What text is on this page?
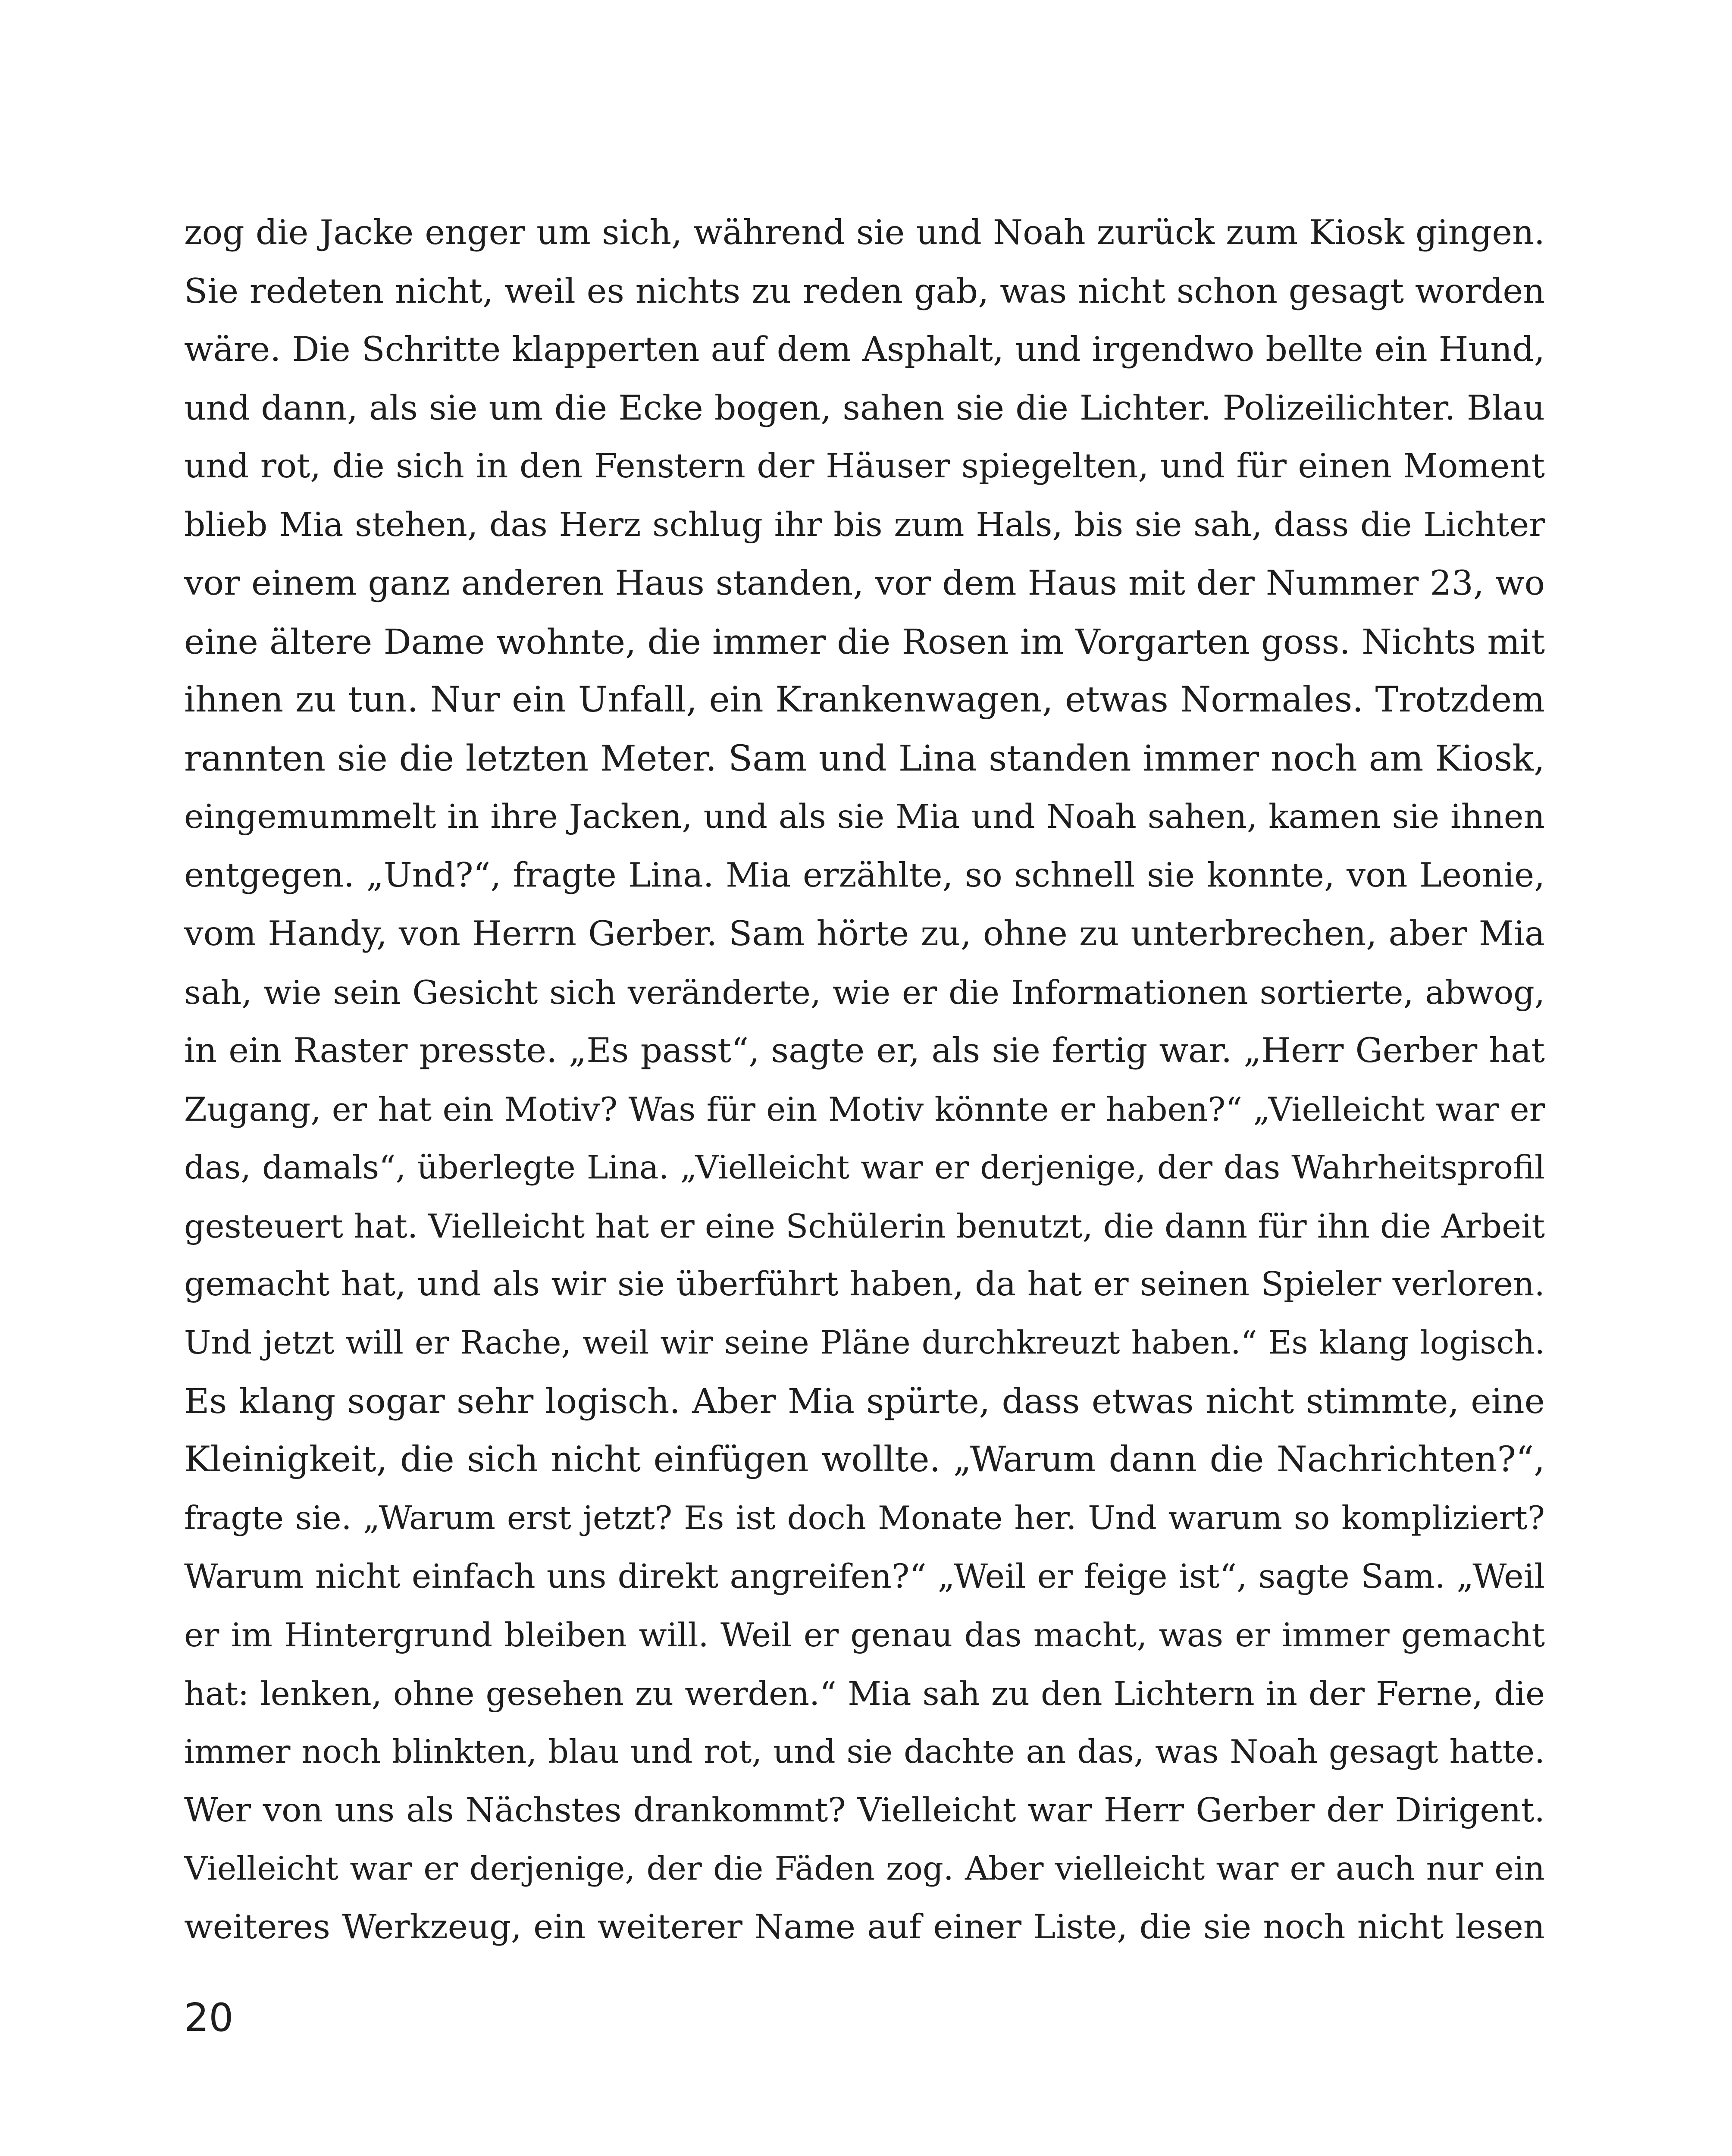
zog die Jacke enger um sich, während sie und Noah zurück zum Kiosk gingen.
Sie redeten nicht, weil es nichts zu reden gab, was nicht schon gesagt worden
wäre. Die Schritte klapperten auf dem Asphalt, und irgendwo bellte ein Hund,
und dann, als sie um die Ecke bogen, sahen sie die Lichter. Polizeilichter. Blau
und rot, die sich in den Fenstern der Häuser spiegelten, und für einen Moment
blieb Mia stehen, das Herz schlug ihr bis zum Hals, bis sie sah, dass die Lichter
vor einem ganz anderen Haus standen, vor dem Haus mit der Nummer 23, wo
eine ältere Dame wohnte, die immer die Rosen im Vorgarten goss. Nichts mit
ihnen zu tun. Nur ein Unfall, ein Krankenwagen, etwas Normales. Trotzdem
rannten sie die letzten Meter. Sam und Lina standen immer noch am Kiosk,
eingemummelt in ihre Jacken, und als sie Mia und Noah sahen, kamen sie ihnen
entgegen. „Und?“, fragte Lina. Mia erzählte, so schnell sie konnte, von Leonie,
vom Handy, von Herrn Gerber. Sam hörte zu, ohne zu unterbrechen, aber Mia
sah, wie sein Gesicht sich veränderte, wie er die Informationen sortierte, abwog,
in ein Raster presste. „Es passt“, sagte er, als sie fertig war. „Herr Gerber hat
Zugang, er hat ein Motiv? Was für ein Motiv könnte er haben?“ „Vielleicht war er
das, damals“, überlegte Lina. „Vielleicht war er derjenige, der das Wahrheitsprofil
gesteuert hat. Vielleicht hat er eine Schülerin benutzt, die dann für ihn die Arbeit
gemacht hat, und als wir sie überführt haben, da hat er seinen Spieler verloren.
Und jetzt will er Rache, weil wir seine Pläne durchkreuzt haben.“ Es klang logisch.
Es klang sogar sehr logisch. Aber Mia spürte, dass etwas nicht stimmte, eine
Kleinigkeit, die sich nicht einfügen wollte. „Warum dann die Nachrichten?“,
fragte sie. „Warum erst jetzt? Es ist doch Monate her. Und warum so kompliziert?
Warum nicht einfach uns direkt angreifen?“ „Weil er feige ist“, sagte Sam. „Weil
er im Hintergrund bleiben will. Weil er genau das macht, was er immer gemacht
hat: lenken, ohne gesehen zu werden.“ Mia sah zu den Lichtern in der Ferne, die
immer noch blinkten, blau und rot, und sie dachte an das, was Noah gesagt hatte.
Wer von uns als Nächstes drankommt? Vielleicht war Herr Gerber der Dirigent.
Vielleicht war er derjenige, der die Fäden zog. Aber vielleicht war er auch nur ein
weiteres Werkzeug, ein weiterer Name auf einer Liste, die sie noch nicht lesen
20
